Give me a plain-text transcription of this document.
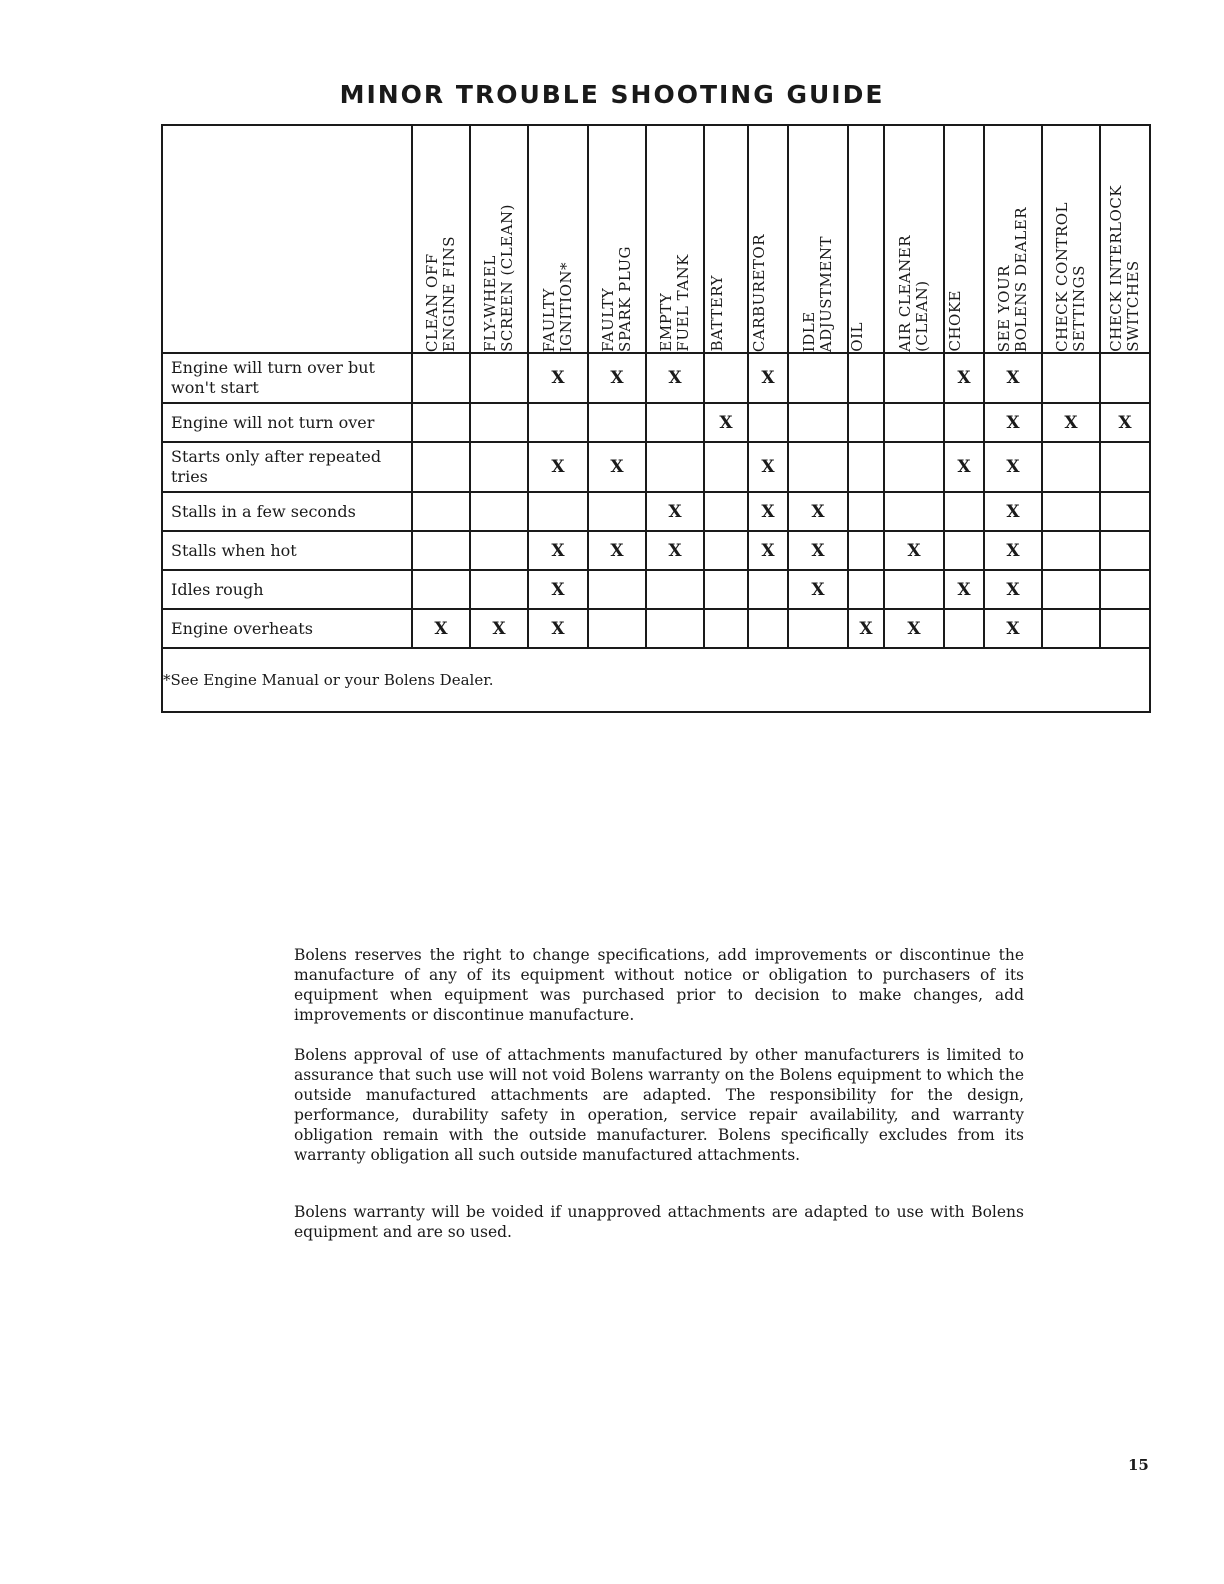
MINOR TROUBLE SHOOTING GUIDE

	CLEAN OFF
ENGINE FINS	FLY-WHEEL
SCREEN (CLEAN)	FAULTY
IGNITION*	FAULTY
SPARK PLUG	EMPTY
FUEL TANK	BATTERY	CARBURETOR	IDLE
ADJUSTMENT	OIL	AIR CLEANER
(CLEAN)	CHOKE	SEE YOUR
BOLENS DEALER	CHECK CONTROL
SETTINGS	CHECK INTERLOCK
SWITCHES

Engine will turn over but
won't start			X	X	X		X				X	X		
Engine will not turn over						X						X	X	X
Starts only after repeated
tries			X	X			X				X	X		
Stalls in a few seconds					X		X	X				X		
Stalls when hot			X	X	X		X	X		X		X		
Idles rough			X					X			X	X		
Engine overheats	X	X	X						X	X		X		
*See Engine Manual or your Bolens Dealer.														
Bolens reserves the right to change specifications, add improvements or discontinue the manufacture of any of its equipment without notice or obligation to purchasers of its equipment when equipment was purchased prior to decision to make changes, add improvements or discontinue manufacture.
Bolens approval of use of attachments manufactured by other manufacturers is limited to assurance that such use will not void Bolens warranty on the Bolens equipment to which the outside manufactured attachments are adapted. The responsibility for the design, performance, durability safety in operation, service repair availability, and warranty obligation remain with the outside manufacturer. Bolens specifically excludes from its warranty obligation all such outside manufactured attachments.
Bolens warranty will be voided if unapproved attachments are adapted to use with Bolens equipment and are so used.
15
